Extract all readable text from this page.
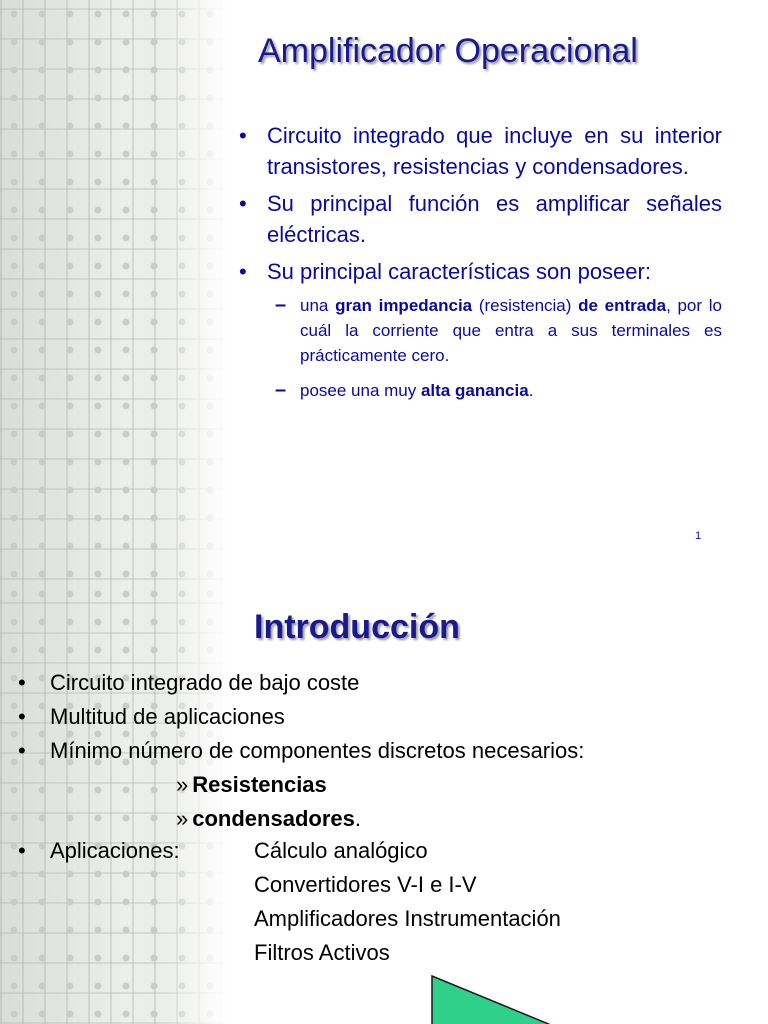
Amplificador Operacional

• Circuito integrado que incluye en su interior transistores, resistencias y condensadores.

• Su principal función es amplificar señales eléctricas.

• Su principal características son poseer:

– una gran impedancia (resistencia) de entrada, por lo cuál la corriente que entra a sus terminales es prácticamente cero.

– posee una muy alta ganancia.

1
Introducción
• Circuito integrado de bajo coste
• Multitud de aplicaciones
• Mínimo número de componentes discretos necesarios:
» Resistencias
» condensadores.
• Aplicaciones:	Cálculo analógico
Convertidores V-I e I-V
Amplificadores Instrumentación
Filtros Activos
